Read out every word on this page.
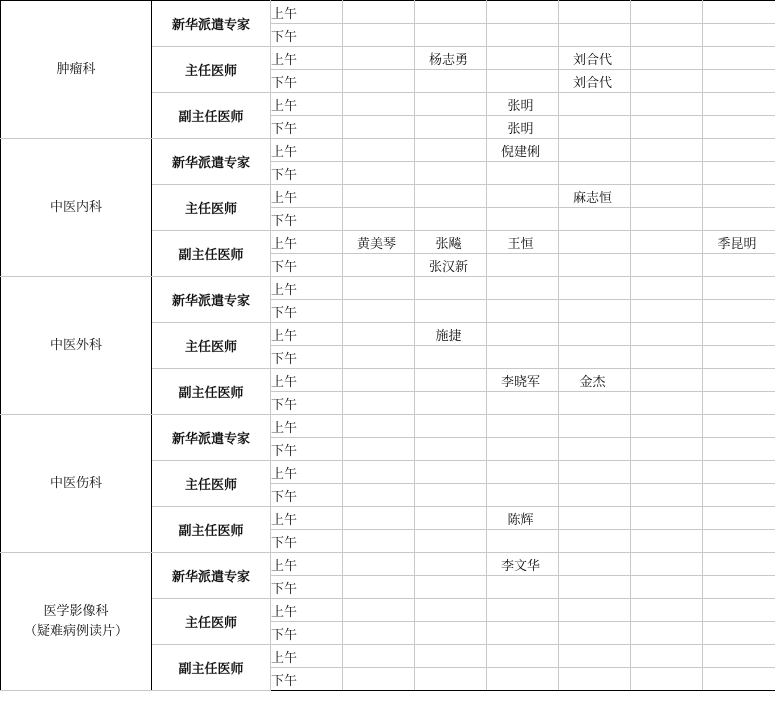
肿瘤科	新华派遣专家	上午							
		下午							
	主任医师	上午		杨志勇		刘合代			
		下午				刘合代			
	副主任医师	上午			张明				
		下午			张明				

中医内科	新华派遣专家	上午			倪建俐				
		下午							
	主任医师	上午				麻志恒			
		下午							
	副主任医师	上午	黄美琴	张飚	王恒			季昆明	
		下午		张汉新					

中医外科	新华派遣专家	上午							
		下午							
	主任医师	上午		施捷					
		下午							
	副主任医师	上午			李晓军	金杰			
		下午							

中医伤科	新华派遣专家	上午							
		下午							
	主任医师	上午							
		下午							
	副主任医师	上午			陈辉				
		下午							

医学影像科
（疑难病例读片）	新华派遣专家	上午			李文华				
		下午							
	主任医师	上午							
		下午							
	副主任医师	上午							
		下午							
